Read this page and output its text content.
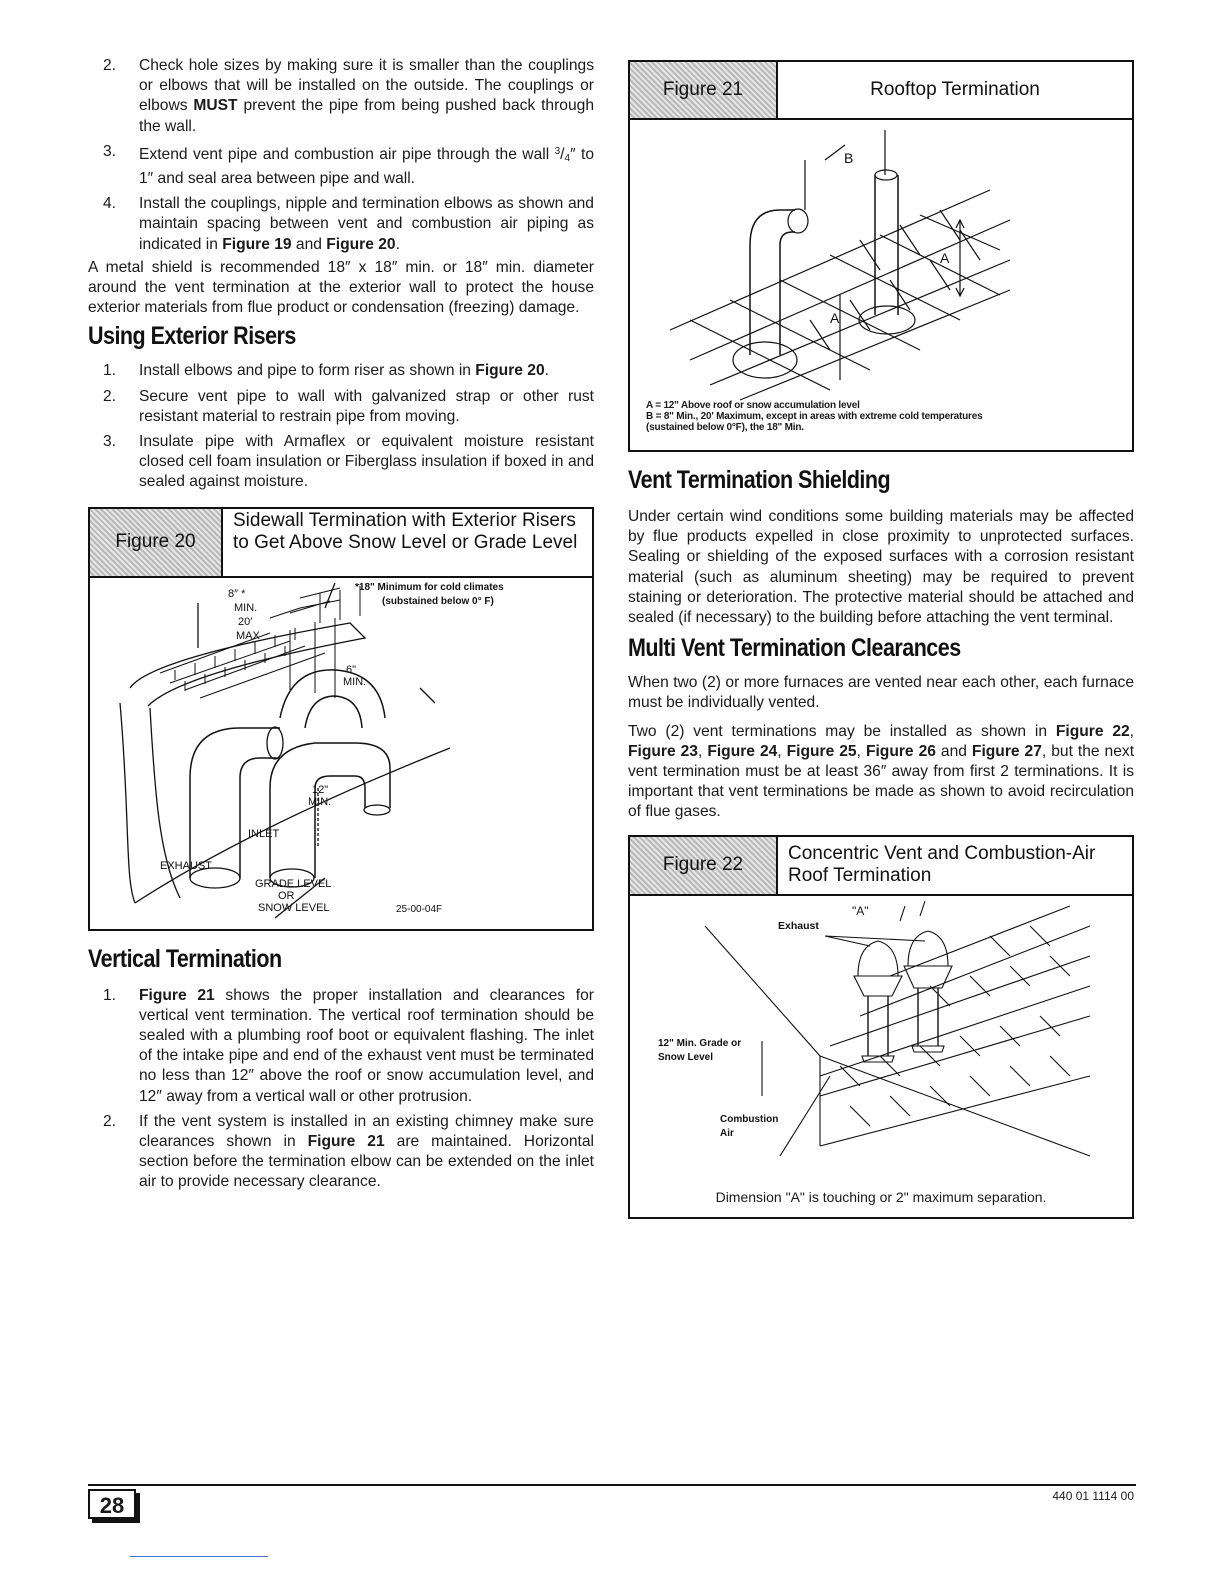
2. Check hole sizes by making sure it is smaller than the couplings or elbows that will be installed on the outside. The couplings or elbows MUST prevent the pipe from being pushed back through the wall.
3. Extend vent pipe and combustion air pipe through the wall $^3/_4''$ to 1″ and seal area between pipe and wall.
4. Install the couplings, nipple and termination elbows as shown and maintain spacing between vent and combustion air piping as indicated in Figure 19 and Figure 20.

A metal shield is recommended 18″ x 18″ min. or 18″ min. diameter around the vent termination at the exterior wall to protect the house exterior materials from flue product or condensation (freezing) damage.

Using Exterior Risers
1. Install elbows and pipe to form riser as shown in Figure 20.
2. Secure vent pipe to wall with galvanized strap or other rust resistant material to restrain pipe from moving.
3. Insulate pipe with Armaflex or equivalent moisture resistant closed cell foam insulation or Fiberglass insulation if boxed in and sealed against moisture.
Figure 20
Sidewall Termination with Exterior Risers to Get Above Snow Level or Grade Level
8″ *
MIN.
20′
MAX
*18" Minimum for cold climates
(substained below 0° F)
6"
MIN.
12"
MIN.
INLET
EXHAUST
GRADE LEVEL
OR
SNOW LEVEL	25-00-04F
Vertical Termination
1. Figure 21 shows the proper installation and clearances for vertical vent termination. The vertical roof termination should be sealed with a plumbing roof boot or equivalent flashing. The inlet of the intake pipe and end of the exhaust vent must be terminated no less than 12″ above the roof or snow accumulation level, and 12″ away from a vertical wall or other protrusion.
2. If the vent system is installed in an existing chimney make sure clearances shown in Figure 21 are maintained. Horizontal section before the termination elbow can be extended on the inlet air to provide necessary clearance.
Figure 21	Rooftop Termination
B
A
A
A = 12" Above roof or snow accumulation level
B = 8" Min., 20' Maximum, except in areas with extreme cold temperatures
(sustained below 0°F), the 18" Min.
Vent Termination Shielding

Under certain wind conditions some building materials may be affected by flue products expelled in close proximity to unprotected surfaces. Sealing or shielding of the exposed surfaces with a corrosion resistant material (such as aluminum sheeting) may be required to prevent staining or deterioration. The protective material should be attached and sealed (if necessary) to the building before attaching the vent terminal.

Multi Vent Termination Clearances

When two (2) or more furnaces are vented near each other, each furnace must be individually vented.

Two (2) vent terminations may be installed as shown in Figure 22, Figure 23, Figure 24, Figure 25, Figure 26 and Figure 27, but the next vent termination must be at least 36″ away from first 2 terminations. It is important that vent terminations be made as shown to avoid recirculation of flue gases.

Figure 22
Concentric Vent and Combustion-Air Roof Termination
"A"
Exhaust
12" Min. Grade or
Snow Level
Combustion
Air
Dimension "A" is touching or 2" maximum separation.
28	440 01 1114 00
